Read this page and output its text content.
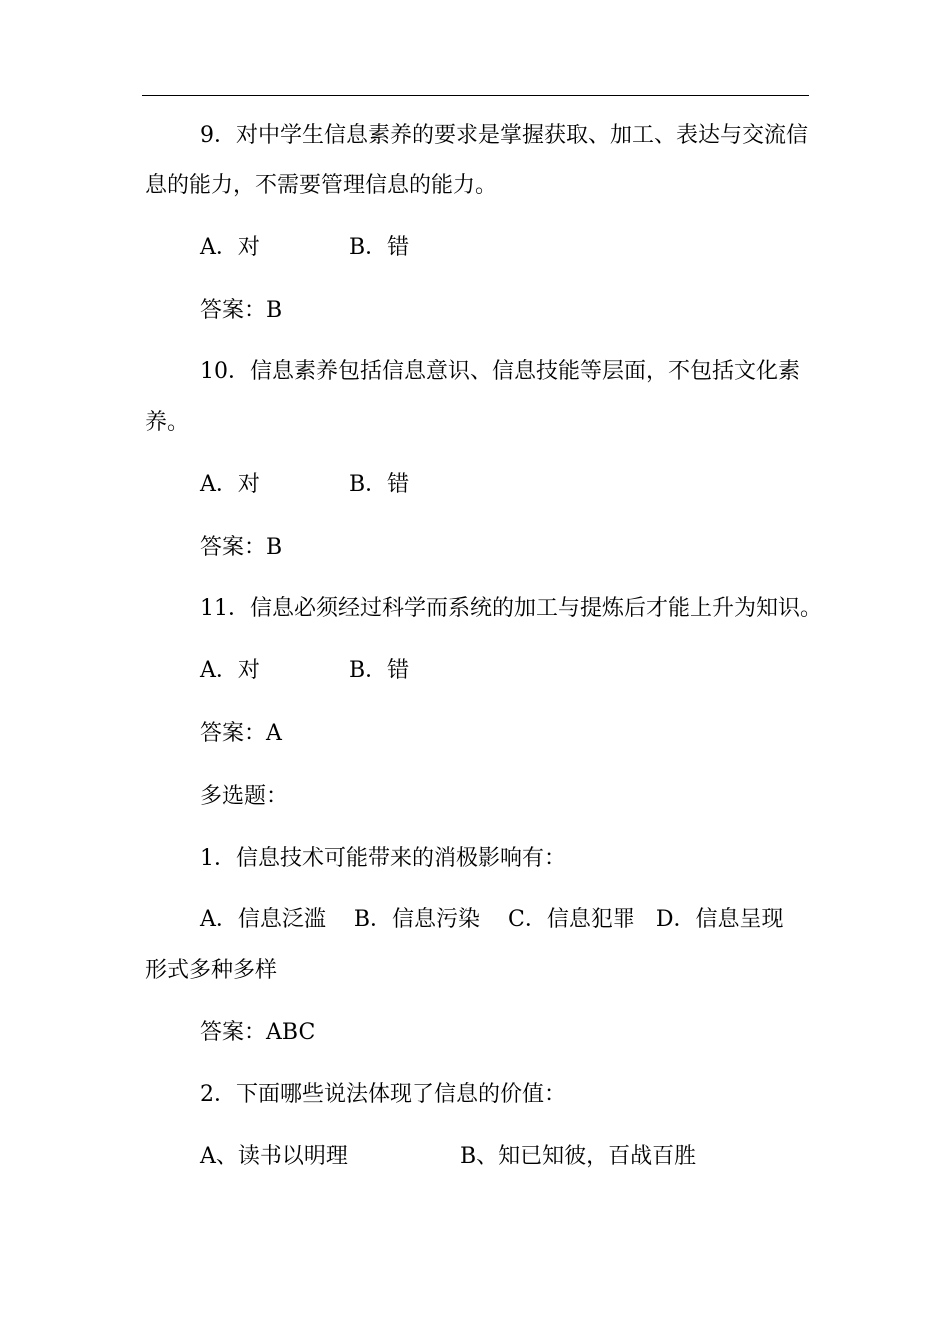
9．对中学生信息素养的要求是掌握获取、加工、表达与交流信
息的能力，不需要管理信息的能力。
A．对	B．错
答案：B
10．信息素养包括信息意识、信息技能等层面，不包括文化素
养。
A．对	B．错
答案：B
11．信息必须经过科学而系统的加工与提炼后才能上升为知识。
A．对	B．错
答案：A
多选题：
1．信息技术可能带来的消极影响有：
A．信息泛滥    B．信息污染    C．信息犯罪   D．信息呈现
形式多种多样
答案：ABC
2．下面哪些说法体现了信息的价值：
A、读书以明理	B、知已知彼，百战百胜
